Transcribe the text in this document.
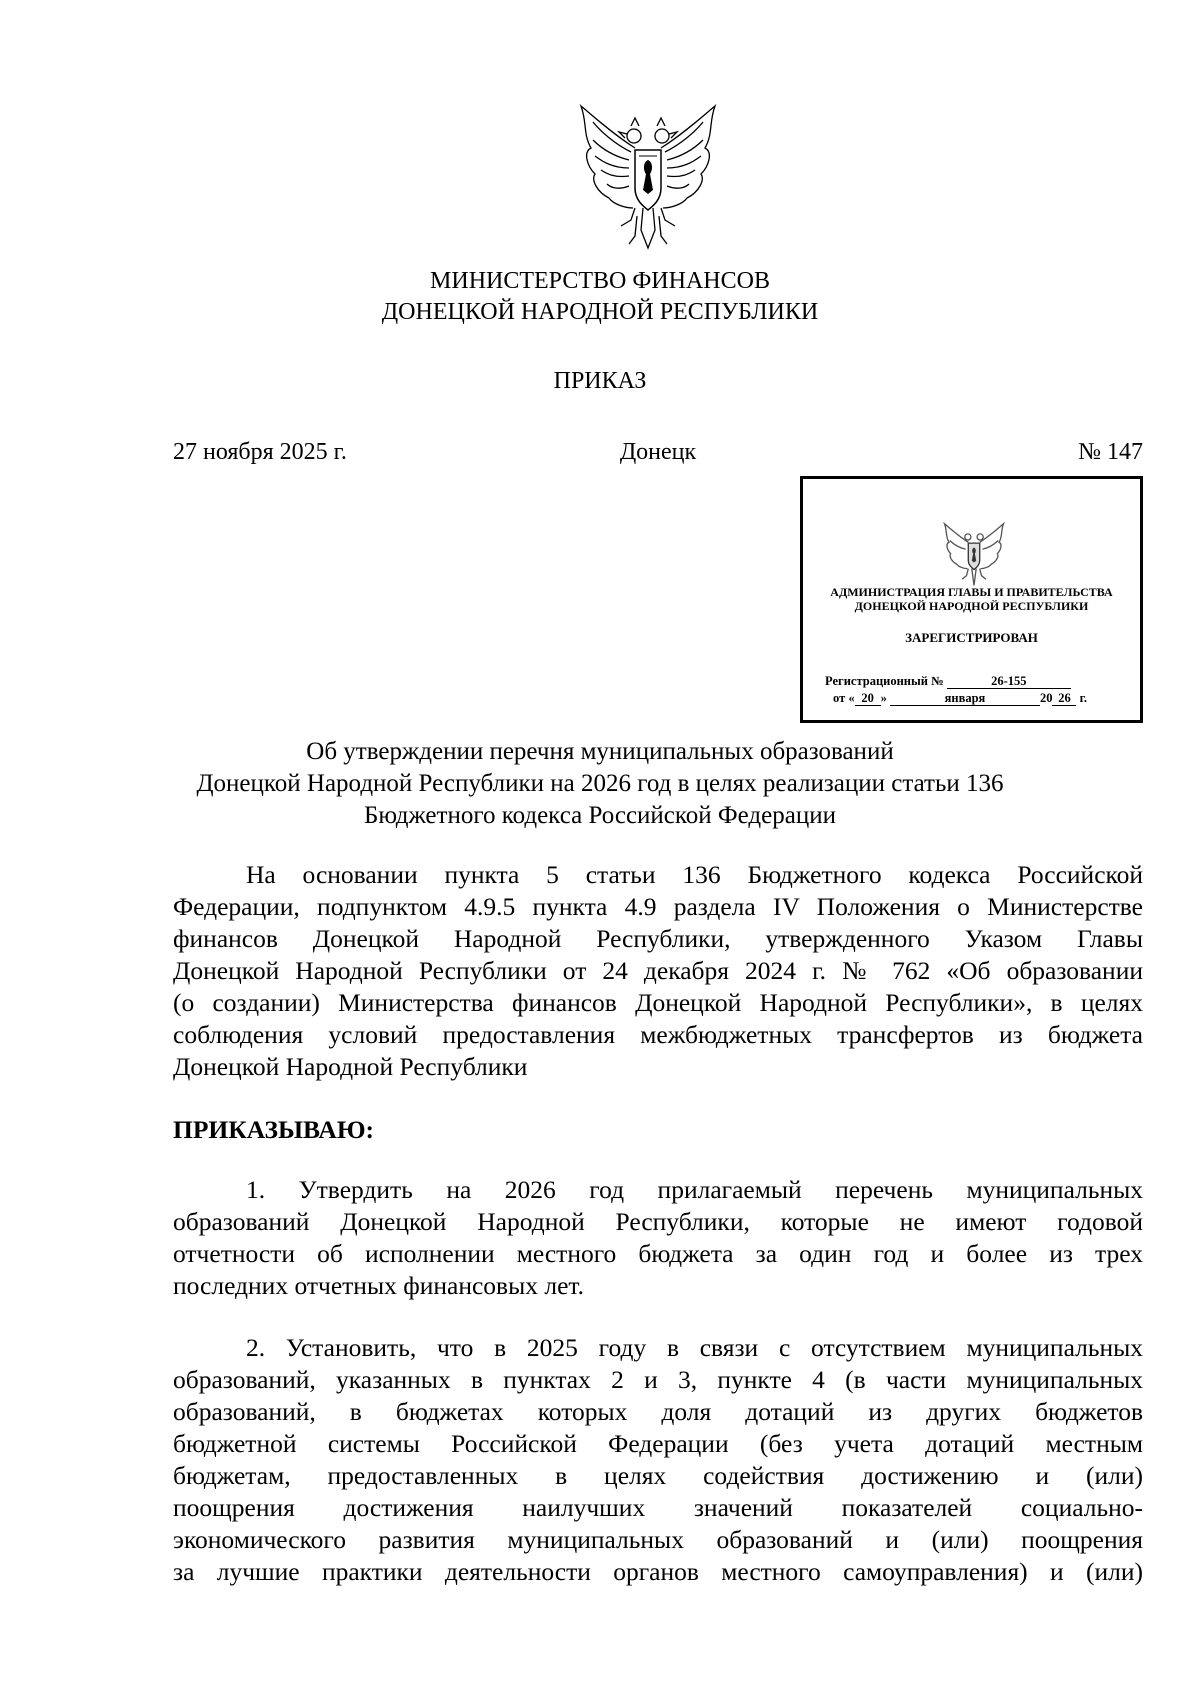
МИНИСТЕРСТВО ФИНАНСОВ
ДОНЕЦКОЙ НАРОДНОЙ РЕСПУБЛИКИ
ПРИКАЗ
Донецк
27 ноября 2025 г.	№ 147
АДМИНИСТРАЦИЯ ГЛАВЫ И ПРАВИТЕЛЬСТВА
ДОНЕЦКОЙ НАРОДНОЙ РЕСПУБЛИКИ
ЗАРЕГИСТРИРОВАН
Регистрационный №	26-155
от « 20 »	января	20 26 г.
Об утверждении перечня муниципальных образований
Донецкой Народной Республики на 2026 год в целях реализации статьи 136
Бюджетного кодекса Российской Федерации
На основании пункта 5 статьи 136 Бюджетного кодекса Российской
Федерации, подпунктом 4.9.5 пункта 4.9 раздела IV Положения о Министерстве
финансов Донецкой Народной Республики, утвержденного Указом Главы
Донецкой Народной Республики от 24 декабря 2024 г. № 762 «Об образовании
(о создании) Министерства финансов Донецкой Народной Республики», в целях
соблюдения условий предоставления межбюджетных трансфертов из бюджета
Донецкой Народной Республики
ПРИКАЗЫВАЮ:
1. Утвердить на 2026 год прилагаемый перечень муниципальных
образований Донецкой Народной Республики, которые не имеют годовой
отчетности об исполнении местного бюджета за один год и более из трех
последних отчетных финансовых лет.
2. Установить, что в 2025 году в связи с отсутствием муниципальных
образований, указанных в пунктах 2 и 3, пункте 4 (в части муниципальных
образований, в бюджетах которых доля дотаций из других бюджетов
бюджетной системы Российской Федерации (без учета дотаций местным
бюджетам, предоставленных в целях содействия достижению и (или)
поощрения достижения наилучших значений показателей социально-
экономического развития муниципальных образований и (или) поощрения
за лучшие практики деятельности органов местного самоуправления) и (или)
